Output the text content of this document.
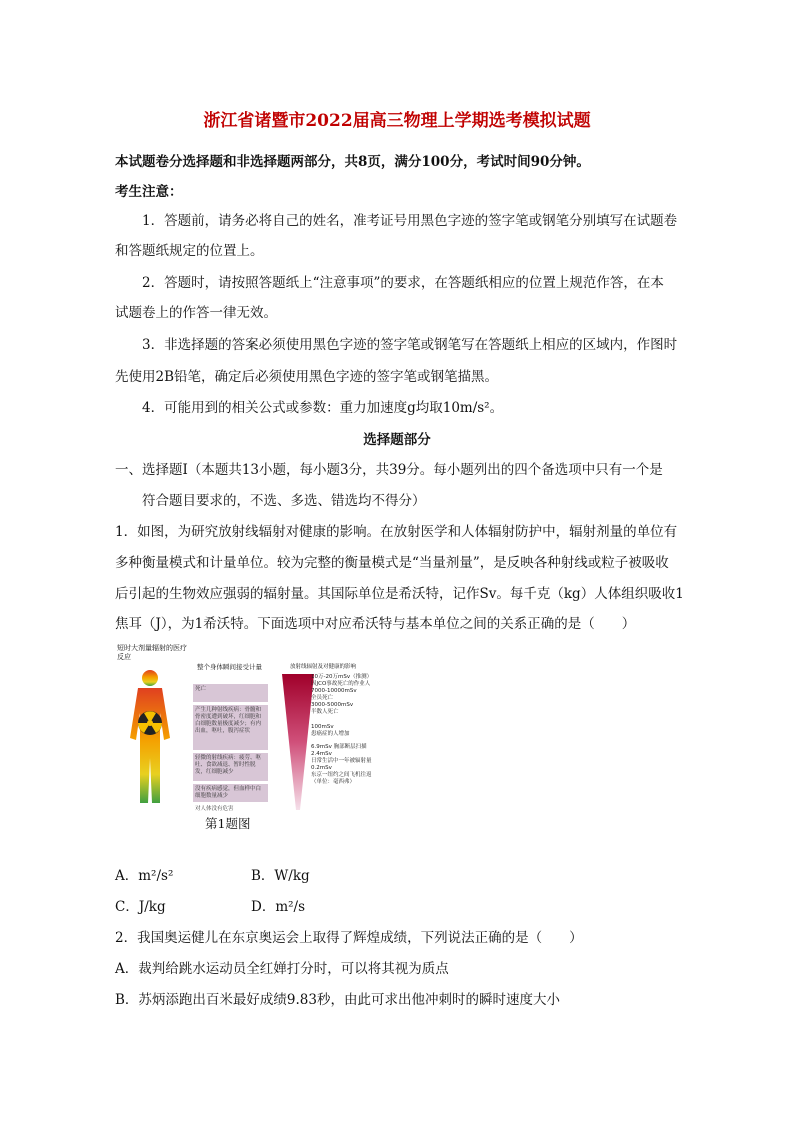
浙江省诸暨市2022届高三物理上学期选考模拟试题
本试题卷分选择题和非选择题两部分，共8页，满分100分，考试时间90分钟。
考生注意：
1．答题前，请务必将自己的姓名，准考证号用黑色字迹的签字笔或钢笔分别填写在试题卷
和答题纸规定的位置上。
2．答题时，请按照答题纸上“注意事项”的要求，在答题纸相应的位置上规范作答，在本
试题卷上的作答一律无效。
3．非选择题的答案必须使用黑色字迹的签字笔或钢笔写在答题纸上相应的区域内，作图时
先使用2B铅笔，确定后必须使用黑色字迹的签字笔或钢笔描黑。
4．可能用到的相关公式或参数：重力加速度g均取10m/s²。
选择题部分
一、选择题Ⅰ（本题共13小题，每小题3分，共39分。每小题列出的四个备选项中只有一个是
符合题目要求的，不选、多选、错选均不得分）
1．如图，为研究放射线辐射对健康的影响。在放射医学和人体辐射防护中，辐射剂量的单位有
多种衡量模式和计量单位。较为完整的衡量模式是“当量剂量”，是反映各种射线或粒子被吸收
后引起的生物效应强弱的辐射量。其国际单位是希沃特，记作Sv。每千克（kg）人体组织吸收1
焦耳（J），为1希沃特。下面选项中对应希沃特与基本单位之间的关系正确的是（　　）
短时大剂量辐射的医疗反应
整个身体瞬间接受计量
死亡
产生几种射线疾病：骨髓和骨密度遭到破坏，红细胞和白细胞数量极度减少；有内出血，呕吐，腹泻症状
轻微的射线疾病：疲劳、呕吐、食欲减退、暂时性脱发，红细胞减少
没有疾病感觉，但血样中白细胞数量减少
对人体没有危害
放射线辐射及对健康的影响
10万-20万mSv（推测）
因JCO事故死亡的作业人
7000-10000mSv
全员死亡
3000-5000mSv
半数人死亡
100mSv
患癌症的人增加
6.9mSv 胸部断层扫描
2.4mSv
日常生活中一年被辐射量
0.2mSv
东京一纽约之间飞机往返
（单位：毫西弗）
第1题图
A．m²/s²	B．W/kg
C．J/kg	D．m²/s
2．我国奥运健儿在东京奥运会上取得了辉煌成绩，下列说法正确的是（　　）
A．裁判给跳水运动员全红婵打分时，可以将其视为质点
B．苏炳添跑出百米最好成绩9.83秒，由此可求出他冲刺时的瞬时速度大小
